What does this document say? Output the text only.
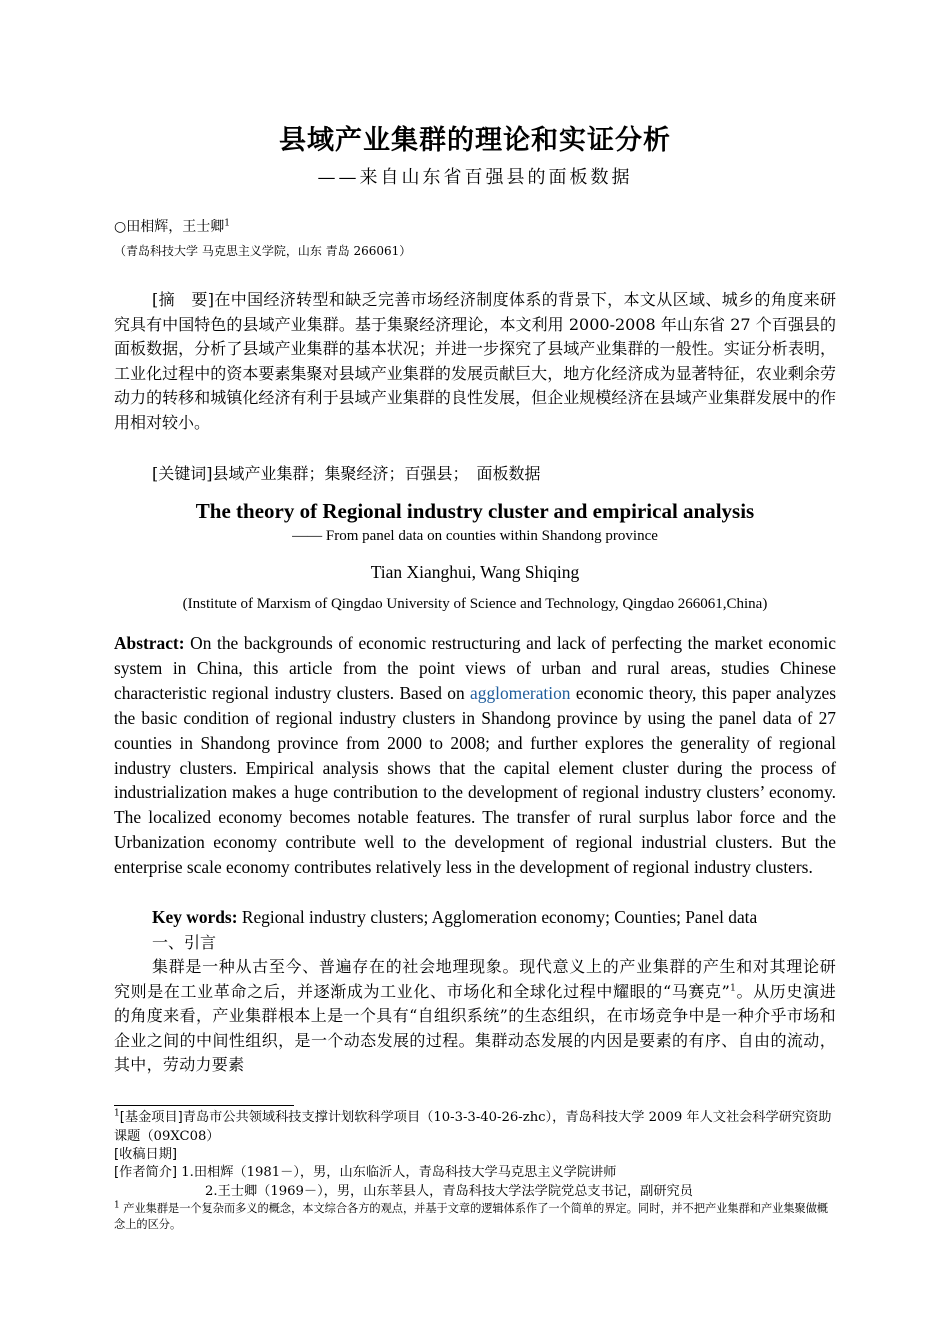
县域产业集群的理论和实证分析
——来自山东省百强县的面板数据
○田相辉，王士卿$^1$
（青岛科技大学 马克思主义学院，山东 青岛 266061）
[摘　要]在中国经济转型和缺乏完善市场经济制度体系的背景下，本文从区域、城乡的角度来研究具有中国特色的县域产业集群。基于集聚经济理论，本文利用 2000-2008 年山东省 27 个百强县的面板数据，分析了县域产业集群的基本状况；并进一步探究了县域产业集群的一般性。实证分析表明，工业化过程中的资本要素集聚对县域产业集群的发展贡献巨大，地方化经济成为显著特征，农业剩余劳动力的转移和城镇化经济有利于县域产业集群的良性发展，但企业规模经济在县域产业集群发展中的作用相对较小。
[关键词]县域产业集群；集聚经济；百强县；　面板数据
The theory of Regional industry cluster and empirical analysis
—— From panel data on counties within Shandong province
Tian Xianghui, Wang Shiqing
(Institute of Marxism of Qingdao University of Science and Technology, Qingdao 266061,China)
Abstract: On the backgrounds of economic restructuring and lack of perfecting the market economic system in China, this article from the point views of urban and rural areas, studies Chinese characteristic regional industry clusters. Based on agglomeration economic theory, this paper analyzes the basic condition of regional industry clusters in Shandong province by using the panel data of 27 counties in Shandong province from 2000 to 2008; and further explores the generality of regional industry clusters. Empirical analysis shows that the capital element cluster during the process of industrialization makes a huge contribution to the development of regional industry clusters’ economy. The localized economy becomes notable features. The transfer of rural surplus labor force and the Urbanization economy contribute well to the development of regional industrial clusters. But the enterprise scale economy contributes relatively less in the development of regional industry clusters.
Key words: Regional industry clusters; Agglomeration economy; Counties; Panel data
一、引言
集群是一种从古至今、普遍存在的社会地理现象。现代意义上的产业集群的产生和对其理论研究则是在工业革命之后，并逐渐成为工业化、市场化和全球化过程中耀眼的“马赛克”$^1$。从历史演进的角度来看，产业集群根本上是一个具有“自组织系统”的生态组织，在市场竞争中是一种介乎市场和企业之间的中间性组织，是一个动态发展的过程。集群动态发展的内因是要素的有序、自由的流动，其中，劳动力要素
$^1$[基金项目]青岛市公共领域科技支撑计划软科学项目（10-3-3-40-26-zhc），青岛科技大学 2009 年人文社会科学研究资助课题（09XC08）
[收稿日期]
[作者简介] 1.田相辉（1981－），男，山东临沂人，青岛科技大学马克思主义学院讲师
2.王士卿（1969－），男，山东莘县人，青岛科技大学法学院党总支书记，副研究员
$^1$ 产业集群是一个复杂而多义的概念，本文综合各方的观点，并基于文章的逻辑体系作了一个简单的界定。同时，并不把产业集群和产业集聚做概念上的区分。
